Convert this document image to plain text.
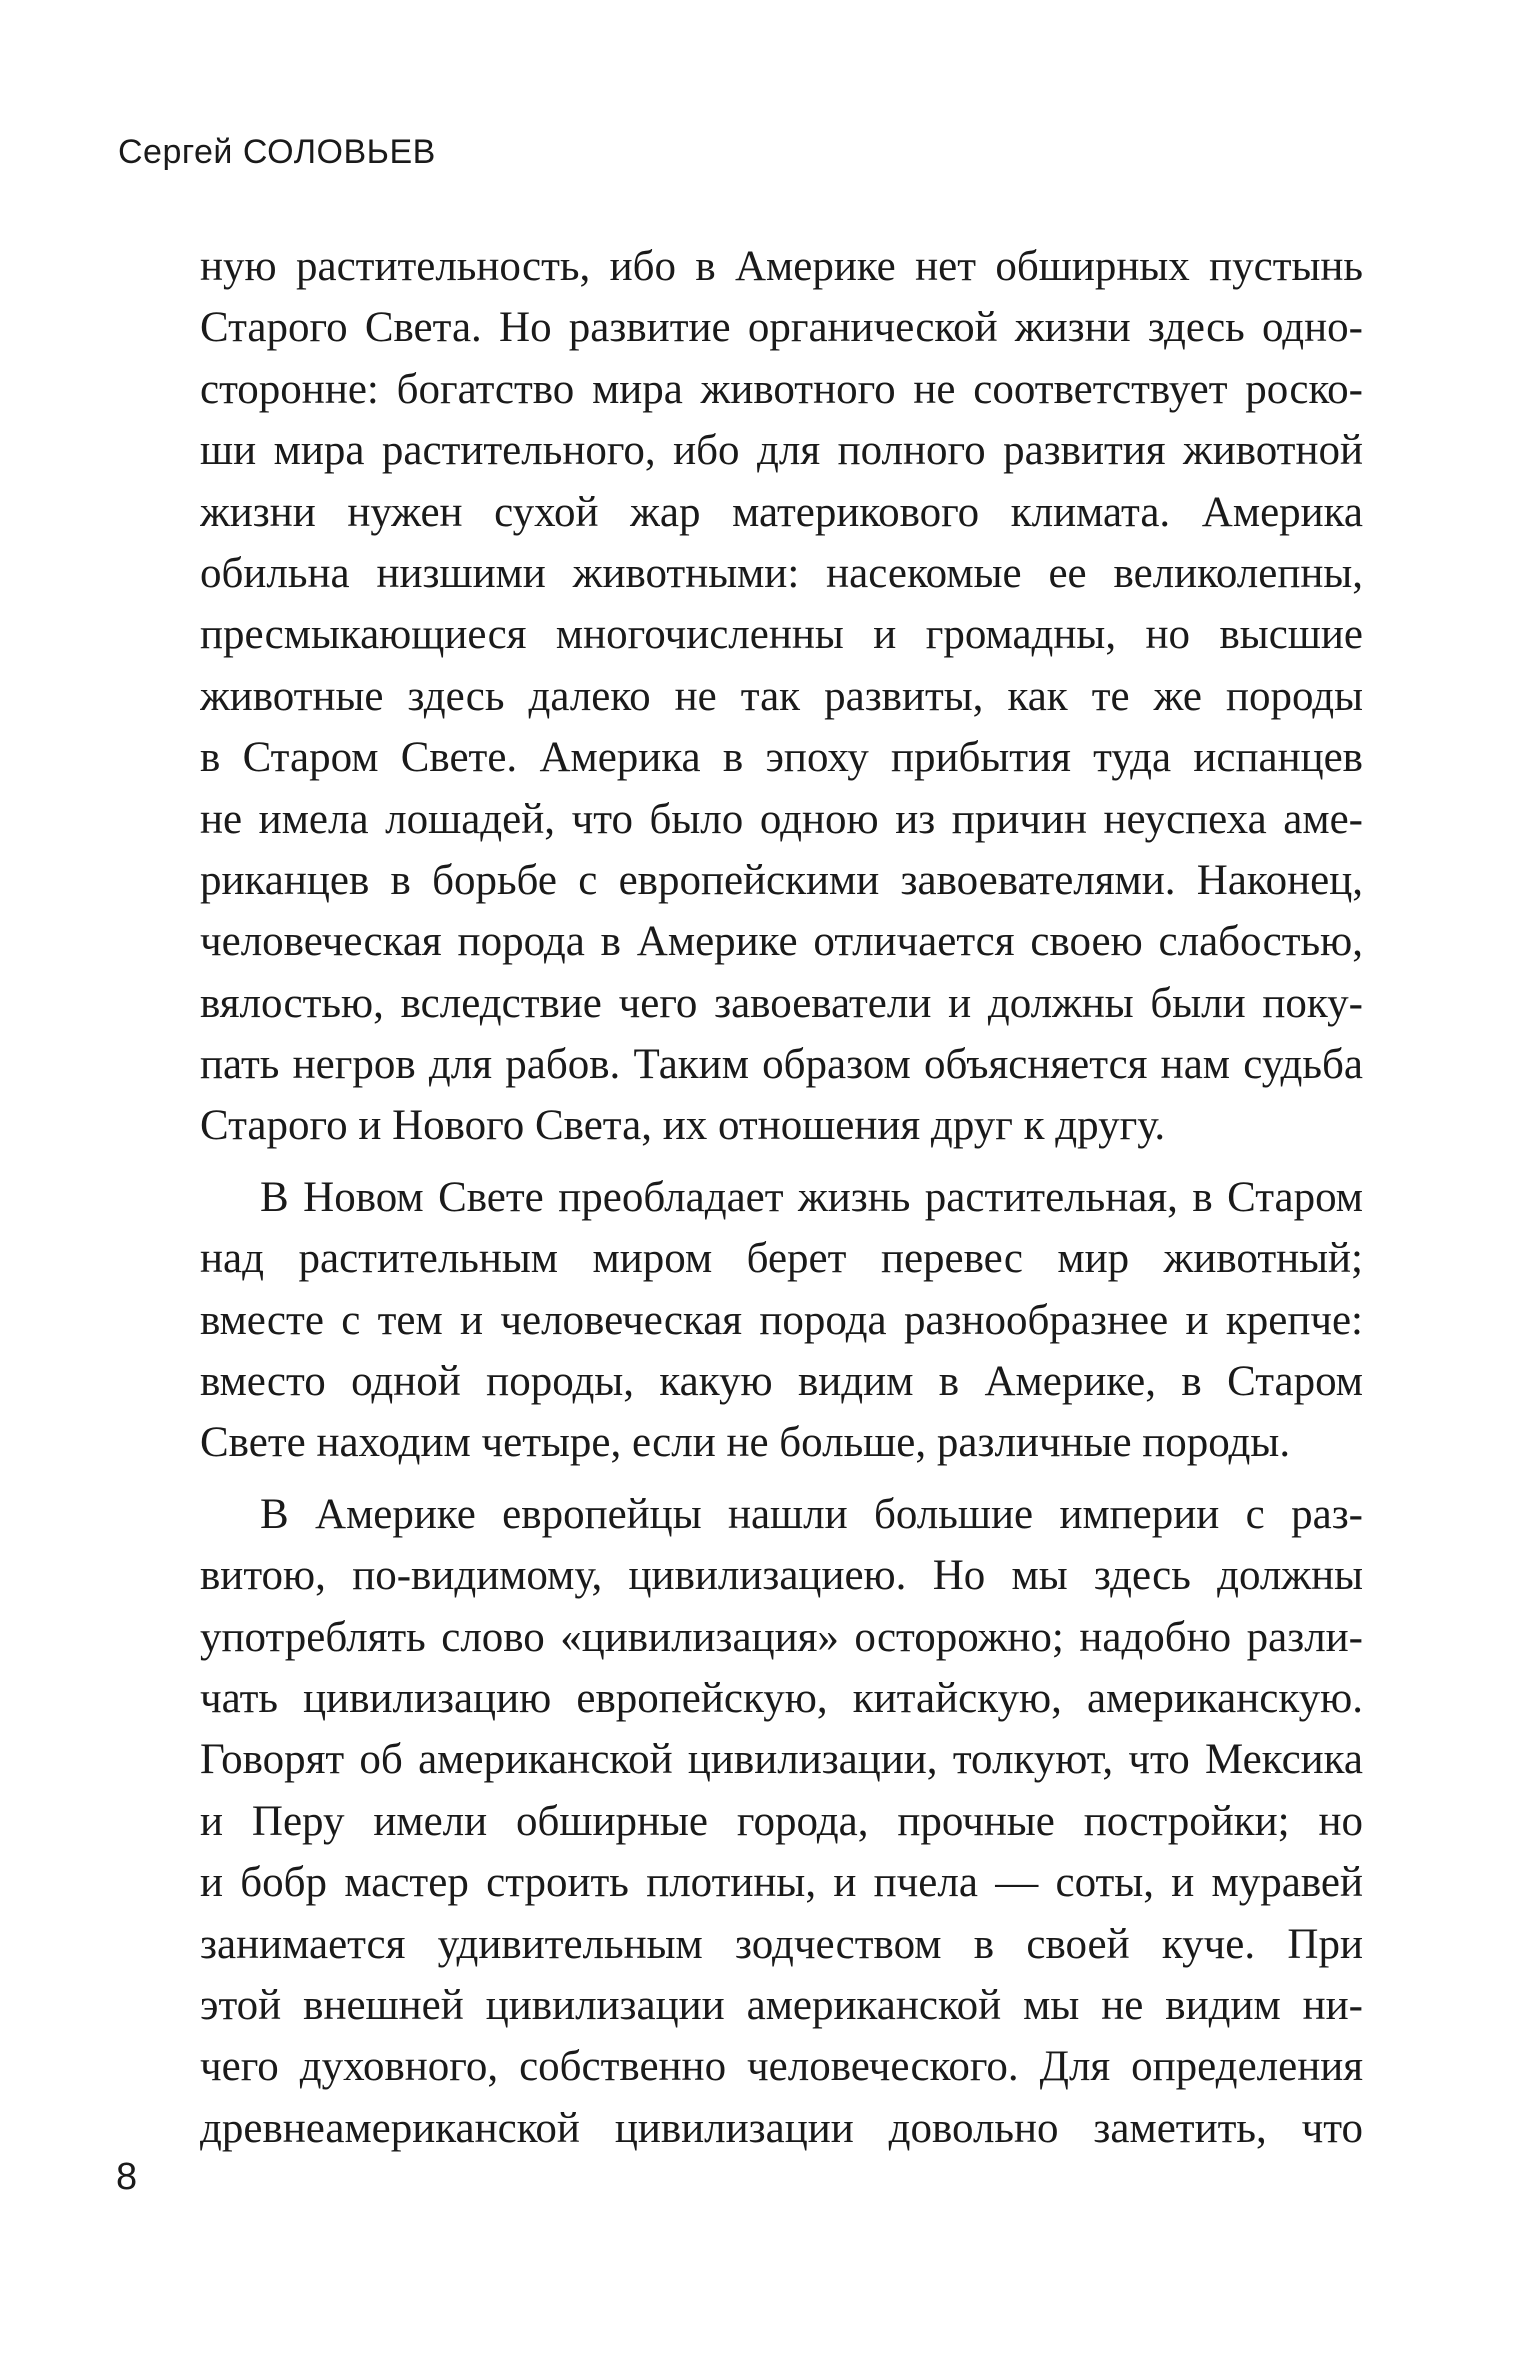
Сергей СОЛОВЬЕВ
ную растительность, ибо в Америке нет обширных пустынь
Старого Света. Но развитие органической жизни здесь одно-
сторонне: богатство мира животного не соответствует роско-
ши мира растительного, ибо для полного развития животной
жизни нужен сухой жар материкового климата. Америка
обильна низшими животными: насекомые ее великолепны,
пресмыкающиеся многочисленны и громадны, но высшие
животные здесь далеко не так развиты, как те же породы
в Старом Свете. Америка в эпоху прибытия туда испанцев
не имела лошадей, что было одною из причин неуспеха аме-
риканцев в борьбе с европейскими завоевателями. Наконец,
человеческая порода в Америке отличается своею слабостью,
вялостью, вследствие чего завоеватели и должны были поку-
пать негров для рабов. Таким образом объясняется нам судьба
Старого и Нового Света, их отношения друг к другу.
В Новом Свете преобладает жизнь растительная, в Старом
над растительным миром берет перевес мир животный;
вместе с тем и человеческая порода разнообразнее и крепче:
вместо одной породы, какую видим в Америке, в Старом
Свете находим четыре, если не больше, различные породы.
В Америке европейцы нашли большие империи с раз-
витою, по-видимому, цивилизациею. Но мы здесь должны
употреблять слово «цивилизация» осторожно; надобно разли-
чать цивилизацию европейскую, китайскую, американскую.
Говорят об американской цивилизации, толкуют, что Мексика
и Перу имели обширные города, прочные постройки; но
и бобр мастер строить плотины, и пчела — соты, и муравей
занимается удивительным зодчеством в своей куче. При
этой внешней цивилизации американской мы не видим ни-
чего духовного, собственно человеческого. Для определения
древнеамериканской цивилизации довольно заметить, что
8
